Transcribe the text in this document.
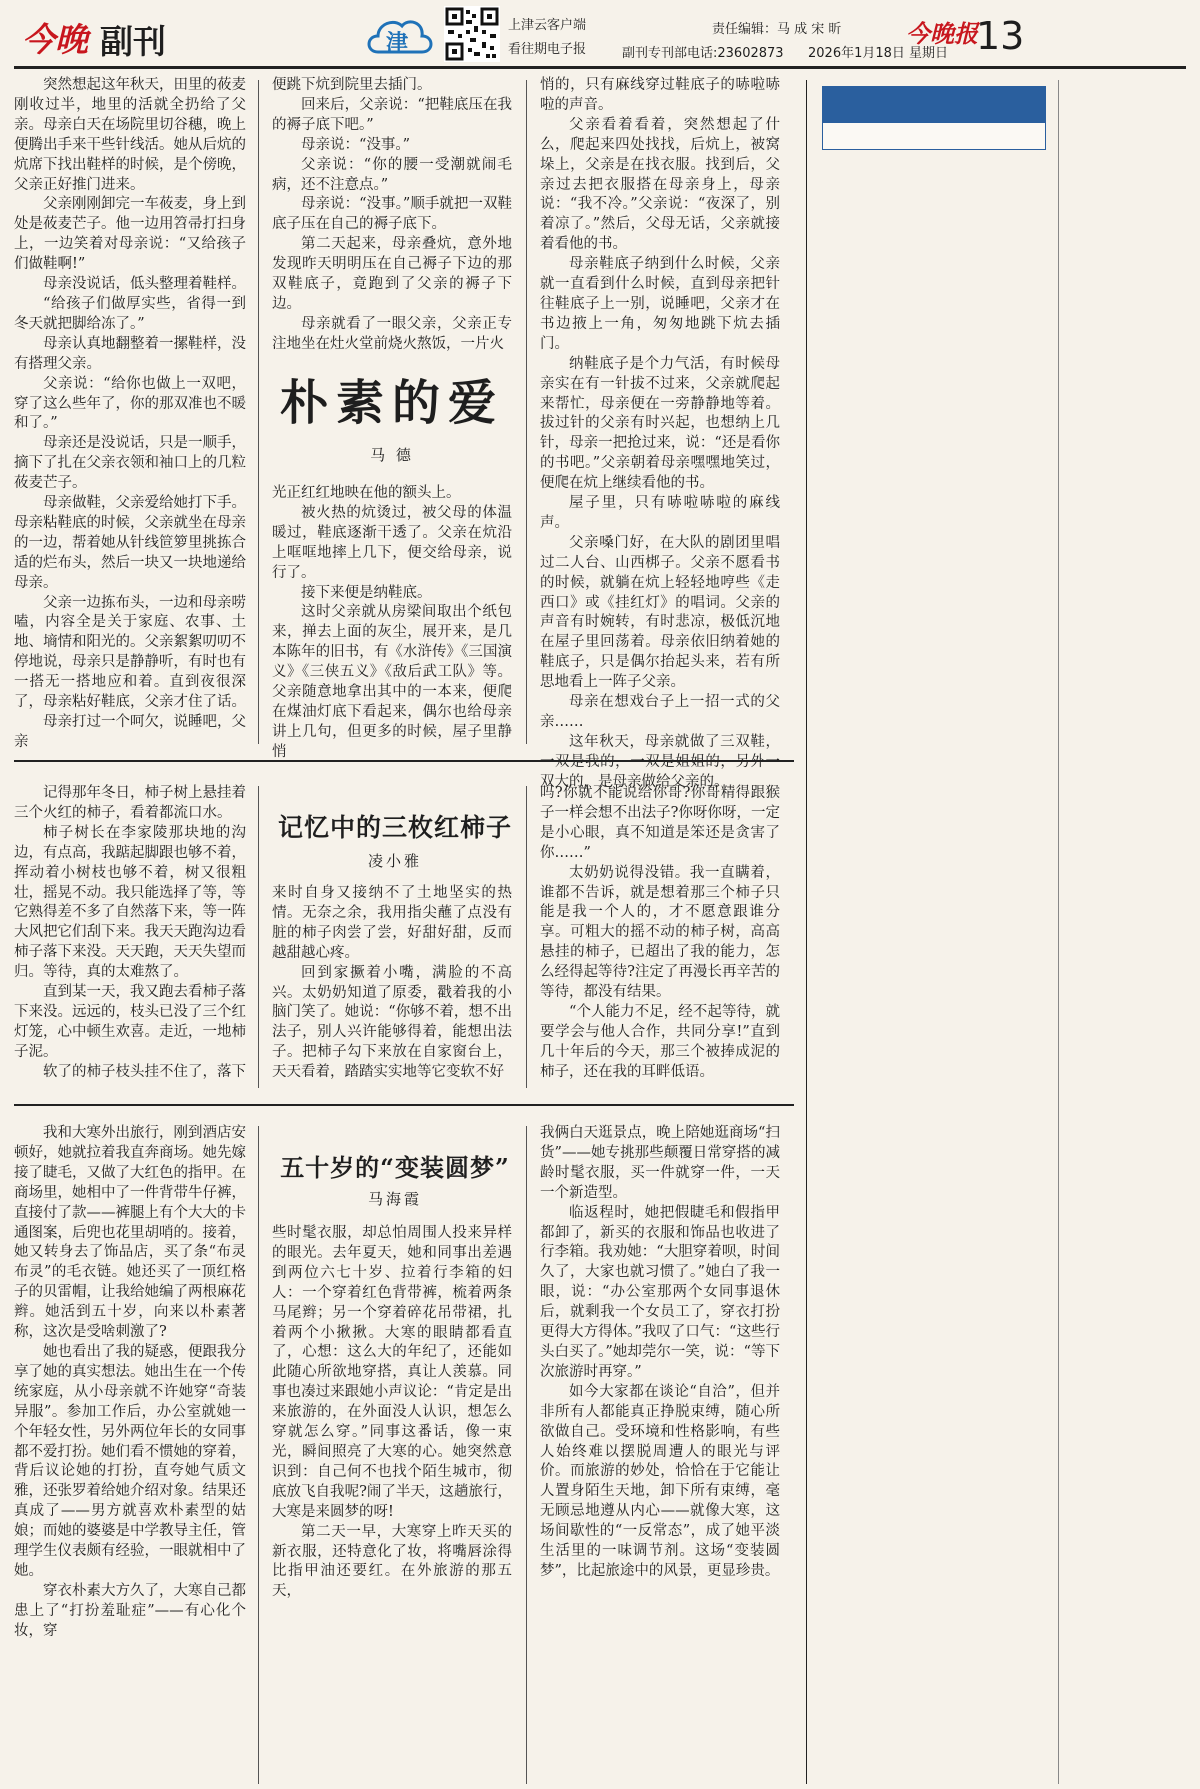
今晚 副刊	津
上津云客户端
看往期电子报
责任编辑：马 成 宋 昕	今晚报
副刊专刊部电话:23602873 2026年1月18日 星期日 13

突然想起这年秋天，田里的莜麦刚收过半，地里的活就全扔给了父亲。母亲白天在场院里切谷穗，晚上便腾出手来干些针线活。她从后炕的炕席下找出鞋样的时候，是个傍晚，父亲正好推门进来。

父亲刚刚卸完一车莜麦，身上到处是莜麦芒子。他一边用笤帚打扫身上，一边笑着对母亲说：“又给孩子们做鞋啊!”

母亲没说话，低头整理着鞋样。

“给孩子们做厚实些，省得一到冬天就把脚给冻了。”

母亲认真地翻整着一摞鞋样，没有搭理父亲。

父亲说：“给你也做上一双吧，穿了这么些年了，你的那双准也不暖和了。”

母亲还是没说话，只是一顺手，摘下了扎在父亲衣领和袖口上的几粒莜麦芒子。

母亲做鞋，父亲爱给她打下手。母亲粘鞋底的时候，父亲就坐在母亲的一边，帮着她从针线笸箩里挑拣合适的烂布头，然后一块又一块地递给母亲。

父亲一边拣布头，一边和母亲唠嗑，内容全是关于家庭、农事、土地、墒情和阳光的。父亲絮絮叨叨不停地说，母亲只是静静听，有时也有一搭无一搭地应和着。直到夜很深了，母亲粘好鞋底，父亲才住了话。

母亲打过一个呵欠，说睡吧，父亲

便跳下炕到院里去插门。

回来后，父亲说：“把鞋底压在我的褥子底下吧。”

母亲说：“没事。”

父亲说：“你的腰一受潮就闹毛病，还不注意点。”

母亲说：“没事。”顺手就把一双鞋底子压在自己的褥子底下。

第二天起来，母亲叠炕，意外地发现昨天明明压在自己褥子下边的那双鞋底子，竟跑到了父亲的褥子下边。

母亲就看了一眼父亲，父亲正专注地坐在灶火堂前烧火熬饭，一片火

朴素的爱
马 德

光正红红地映在他的额头上。

被火热的炕烫过，被父母的体温暖过，鞋底逐渐干透了。父亲在炕沿上哐哐地摔上几下，便交给母亲，说行了。

接下来便是纳鞋底。

这时父亲就从房梁间取出个纸包来，掸去上面的灰尘，展开来，是几本陈年的旧书，有《水浒传》《三国演义》《三侠五义》《敌后武工队》等。父亲随意地拿出其中的一本来，便爬在煤油灯底下看起来，偶尔也给母亲讲上几句，但更多的时候，屋子里静悄

悄的，只有麻线穿过鞋底子的哧啦哧啦的声音。

父亲看着看着，突然想起了什么，爬起来四处找找，后炕上，被窝垛上，父亲是在找衣服。找到后，父亲过去把衣服搭在母亲身上，母亲说：“我不冷。”父亲说：“夜深了，别着凉了。”然后，父母无话，父亲就接着看他的书。

母亲鞋底子纳到什么时候，父亲就一直看到什么时候，直到母亲把针往鞋底子上一别，说睡吧，父亲才在书边掖上一角，匆匆地跳下炕去插门。

纳鞋底子是个力气活，有时候母亲实在有一针拔不过来，父亲就爬起来帮忙，母亲便在一旁静静地等着。拔过针的父亲有时兴起，也想纳上几针，母亲一把抢过来，说：“还是看你的书吧。”父亲朝着母亲嘿嘿地笑过，便爬在炕上继续看他的书。

屋子里，只有哧啦哧啦的麻线声。

父亲嗓门好，在大队的剧团里唱过二人台、山西梆子。父亲不愿看书的时候，就躺在炕上轻轻地哼些《走西口》或《挂红灯》的唱词。父亲的声音有时婉转，有时悲凉，极低沉地在屋子里回荡着。母亲依旧纳着她的鞋底子，只是偶尔抬起头来，若有所思地看上一阵子父亲。

母亲在想戏台子上一招一式的父亲……

这年秋天，母亲就做了三双鞋， 双大的，是母亲做给父亲的。

记得那年冬日，柿子树上悬挂着三个火红的柿子，看着都流口水。

柿子树长在李家陵那块地的沟边，有点高，我踮起脚跟也够不着，挥动着小树枝也够不着，树又很粗壮，摇晃不动。我只能选择了等，等它熟得差不多了自然落下来，等一阵大风把它们刮下来。我天天跑沟边看柿子落下来没。天天跑，天天失望而归。等待，真的太难熬了。

直到某一天，我又跑去看柿子落下来没。远远的，枝头已没了三个红灯笼，心中顿生欢喜。走近，一地柿子泥。

软了的柿子枝头挂不住了，落下

记忆中的三枚红柿子
凌小雅

来时自身又接纳不了土地坚实的热情。无奈之余，我用指尖蘸了点没有脏的柿子肉尝了尝，好甜好甜，反而越甜越心疼。

回到家撅着小嘴，满脸的不高兴。太奶奶知道了原委，戳着我的小脑门笑了。她说：“你够不着，想不出法子，别人兴许能够得着，能想出法子。把柿子勾下来放在自家窗台上，天天看着，踏踏实实地等它变软不好

吗?你就不能说给你哥?你哥精得跟猴子一样会想不出法子?你呀你呀，一定是小心眼，真不知道是笨还是贪害了你……”

太奶奶说得没错。我一直瞒着，谁都不告诉，就是想着那三个柿子只能是我一个人的，才不愿意跟谁分享。可粗大的摇不动的柿子树，高高悬挂的柿子，已超出了我的能力，怎么经得起等待?注定了再漫长再辛苦的等待，都没有结果。

“个人能力不足，经不起等待，就要学会与他人合作，共同分享!”直到几十年后的今天，那三个被捧成泥的柿子，还在我的耳畔低语。

我和大寒外出旅行，刚到酒店安顿好，她就拉着我直奔商场。她先嫁接了睫毛，又做了大红色的指甲。在商场里，她相中了一件背带牛仔裤，直接付了款——裤腿上有个大大的卡通图案，后兜也花里胡哨的。接着，她又转身去了饰品店，买了条“布灵布灵”的毛衣链。她还买了一顶红格子的贝雷帽，让我给她编了两根麻花辫。她活到五十岁，向来以朴素著称，这次是受啥刺激了?

她也看出了我的疑惑，便跟我分享了她的真实想法。她出生在一个传统家庭，从小母亲就不许她穿“奇装异服”。参加工作后，办公室就她一个年轻女性，另外两位年长的女同事都不爱打扮。她们看不惯她的穿着，背后议论她的打扮，直夸她气质文雅，还张罗着给她介绍对象。结果还真成了——男方就喜欢朴素型的姑娘；而她的婆婆是中学教导主任，管理学生仪表颇有经验，一眼就相中了她。

穿衣朴素大方久了，大寒自己都患上了“打扮羞耻症”——有心化个妆，穿

五十岁的“变装圆梦”
马海霞

些时髦衣服，却总怕周围人投来异样的眼光。去年夏天，她和同事出差遇到两位六七十岁、拉着行李箱的妇人：一个穿着红色背带裤，梳着两条马尾辫；另一个穿着碎花吊带裙，扎着两个小揪揪。大寒的眼睛都看直了，心想：这么大的年纪了，还能如此随心所欲地穿搭，真让人羡慕。同事也凑过来跟她小声议论：“肯定是出来旅游的，在外面没人认识，想怎么穿就怎么穿。”同事这番话，像一束光，瞬间照亮了大寒的心。她突然意识到：自己何不也找个陌生城市，彻底放飞自我呢?闹了半天，这趟旅行，大寒是来圆梦的呀!

第二天一早，大寒穿上昨天买的新衣服，还特意化了妆，将嘴唇涂得比指甲油还要红。在外旅游的那五天，

我俩白天逛景点，晚上陪她逛商场“扫货”——她专挑那些颠覆日常穿搭的减龄时髦衣服，买一件就穿一件，一天一个新造型。

临返程时，她把假睫毛和假指甲都卸了，新买的衣服和饰品也收进了行李箱。我劝她：“大胆穿着呗，时间久了，大家也就习惯了。”她白了我一眼，说：“办公室那两个女同事退休后，就剩我一个女员工了，穿衣打扮更得大方得体。”我叹了口气：“这些行头白买了。”她却莞尔一笑，说：“等下次旅游时再穿。”

如今大家都在谈论“自洽”，但并非所有人都能真正挣脱束缚，随心所欲做自己。受环境和性格影响，有些人始终难以摆脱周遭人的眼光与评价。而旅游的妙处，恰恰在于它能让人置身陌生天地，卸下所有束缚，毫无顾忌地遵从内心——就像大寒，这场间歇性的“一反常态”，成了她平淡生活里的一味调节剂。这场“变装圆梦”，比起旅途中的风景，更显珍贵。
